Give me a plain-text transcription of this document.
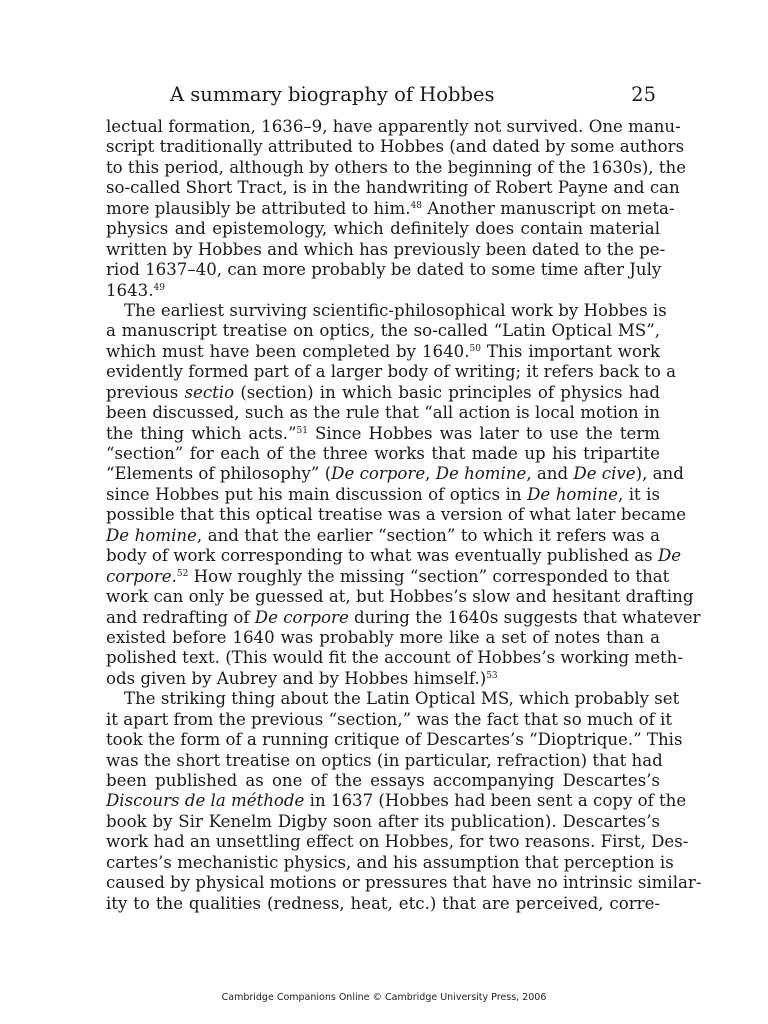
A summary biography of Hobbes	25
lectual formation, 1636–9, have apparently not survived. One manu-
script traditionally attributed to Hobbes (and dated by some authors
to this period, although by others to the beginning of the 1630s), the
so-called Short Tract, is in the handwriting of Robert Payne and can
more plausibly be attributed to him.$^{48}$ Another manuscript on meta-
physics and epistemology, which definitely does contain material
written by Hobbes and which has previously been dated to the pe-
riod 1637–40, can more probably be dated to some time after July
1643.49
The earliest surviving scientific-philosophical work by Hobbes is
a manuscript treatise on optics, the so-called “Latin Optical MS”,
which must have been completed by 1640.50 This important work
evidently formed part of a larger body of writing; it refers back to a
previous sectio (section) in which basic principles of physics had
been discussed, such as the rule that “all action is local motion in
the thing which acts.”$^{51}$ Since Hobbes was later to use the term
“section” for each of the three works that made up his tripartite
“Elements of philosophy” (De corpore, De homine, and De cive), and
since Hobbes put his main discussion of optics in De homine, it is
possible that this optical treatise was a version of what later became
De homine, and that the earlier “section” to which it refers was a
body of work corresponding to what was eventually published as De
corpore.$^{52}$ How roughly the missing “section” corresponded to that
work can only be guessed at, but Hobbes’s slow and hesitant drafting
and redrafting of De corpore during the 1640s suggests that whatever
existed before 1640 was probably more like a set of notes than a
polished text. (This would fit the account of Hobbes’s working meth-
ods given by Aubrey and by Hobbes himself.)$^{53}$
The striking thing about the Latin Optical MS, which probably set
it apart from the previous “section,” was the fact that so much of it
took the form of a running critique of Descartes’s “Dioptrique.” This
was the short treatise on optics (in particular, refraction) that had
been published as one of the essays accompanying Descartes’s
Discours de la méthode in 1637 (Hobbes had been sent a copy of the
book by Sir Kenelm Digby soon after its publication). Descartes’s
work had an unsettling effect on Hobbes, for two reasons. First, Des-
cartes’s mechanistic physics, and his assumption that perception is
caused by physical motions or pressures that have no intrinsic similar-
ity to the qualities (redness, heat, etc.) that are perceived, corre-
Cambridge Companions Online © Cambridge University Press, 2006
